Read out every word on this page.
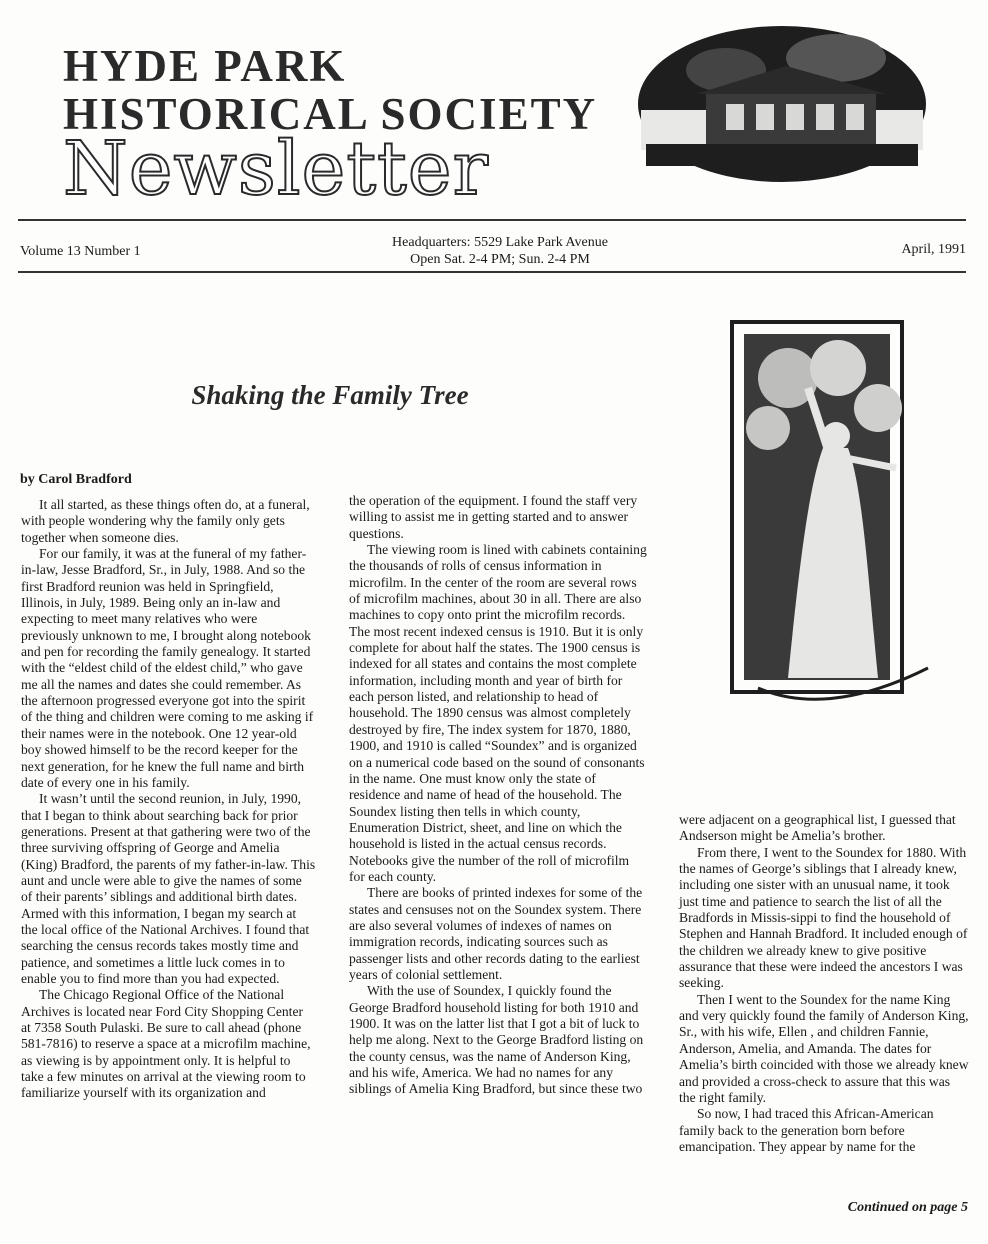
HYDE PARK
HISTORICAL SOCIETY
Newsletter
Volume 13 Number 1
Headquarters: 5529 Lake Park Avenue
Open Sat. 2-4 PM; Sun. 2-4 PM
April, 1991
Shaking the Family Tree
by Carol Bradford

It all started, as these things often do, at a funeral, with people wondering why the family only gets together when someone dies.

For our family, it was at the funeral of my father-in-law, Jesse Bradford, Sr., in July, 1988. And so the first Bradford reunion was held in Springfield, Illinois, in July, 1989. Being only an in-law and expecting to meet many relatives who were previously unknown to me, I brought along notebook and pen for recording the family genealogy. It started with the “eldest child of the eldest child,” who gave me all the names and dates she could remember. As the afternoon progressed everyone got into the spirit of the thing and children were coming to me asking if their names were in the notebook. One 12 year-old boy showed himself to be the record keeper for the next generation, for he knew the full name and birth date of every one in his family.

It wasn’t until the second reunion, in July, 1990, that I began to think about searching back for prior generations. Present at that gathering were two of the three surviving offspring of George and Amelia (King) Bradford, the parents of my father-in-law. This aunt and uncle were able to give the names of some of their parents’ siblings and additional birth dates. Armed with this information, I began my search at the local office of the National Archives. I found that searching the census records takes mostly time and patience, and sometimes a little luck comes in to enable you to find more than you had expected.

The Chicago Regional Office of the National Archives is located near Ford City Shopping Center at 7358 South Pulaski. Be sure to call ahead (phone 581-7816) to reserve a space at a microfilm machine, as viewing is by appointment only. It is helpful to take a few minutes on arrival at the viewing room to familiarize yourself with its organization and

the operation of the equipment. I found the staff very willing to assist me in getting started and to answer questions.

The viewing room is lined with cabinets containing the thousands of rolls of census information in microfilm. In the center of the room are several rows of microfilm machines, about 30 in all. There are also machines to copy onto print the microfilm records. The most recent indexed census is 1910. But it is only complete for about half the states. The 1900 census is indexed for all states and contains the most complete information, including month and year of birth for each person listed, and relationship to head of household. The 1890 census was almost completely destroyed by fire, The index system for 1870, 1880, 1900, and 1910 is called “Soundex” and is organized on a numerical code based on the sound of consonants in the name. One must know only the state of residence and name of head of the household. The Soundex listing then tells in which county, Enumeration District, sheet, and line on which the household is listed in the actual census records. Notebooks give the number of the roll of microfilm for each county.

There are books of printed indexes for some of the states and censuses not on the Soundex system. There are also several volumes of indexes of names on immigration records, indicating sources such as passenger lists and other records dating to the earliest years of colonial settlement.

With the use of Soundex, I quickly found the George Bradford household listing for both 1910 and 1900. It was on the latter list that I got a bit of luck to help me along. Next to the George Bradford listing on the county census, was the name of Anderson King, and his wife, America. We had no names for any siblings of Amelia King Bradford, but since these two

were adjacent on a geographical list, I guessed that Andserson might be Amelia’s brother.

From there, I went to the Soundex for 1880. With the names of George’s siblings that I already knew, including one sister with an unusual name, it took just time and patience to search the list of all the Bradfords in Missis-sippi to find the household of Stephen and Hannah Bradford. It included enough of the children we already knew to give positive assurance that these were indeed the ancestors I was seeking.

Then I went to the Soundex for the name King and very quickly found the family of Anderson King, Sr., with his wife, Ellen , and children Fannie, Anderson, Amelia, and Amanda. The dates for Amelia’s birth coincided with those we already knew and provided a cross-check to assure that this was the right family.

So now, I had traced this African-American family back to the generation born before emancipation. They appear by name for the

Continued on page 5
